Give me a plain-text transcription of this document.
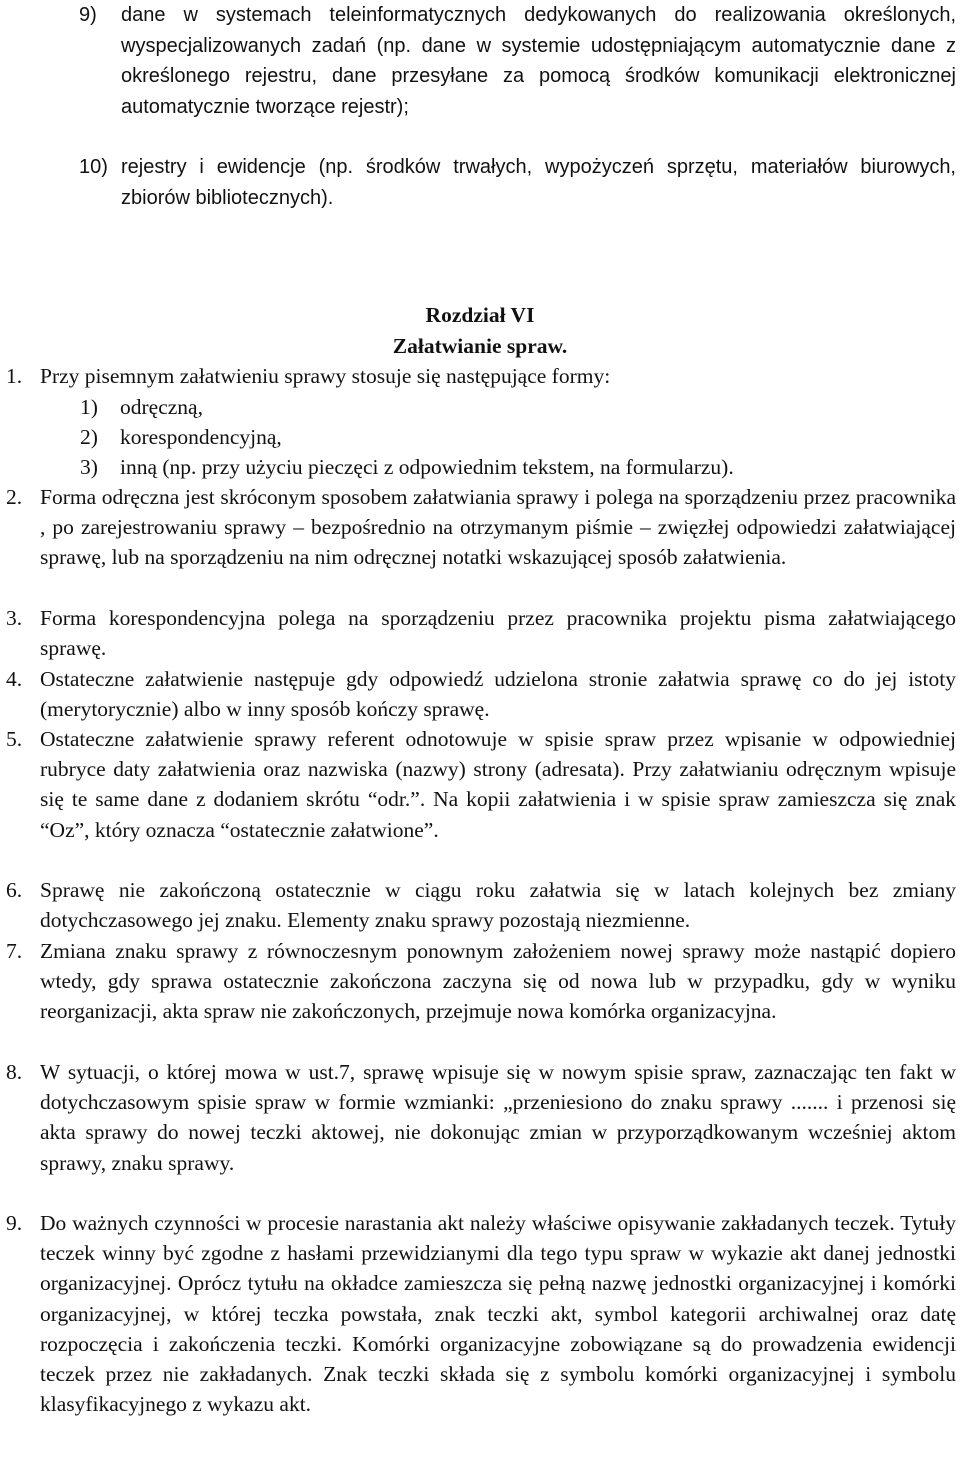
9) dane w systemach teleinformatycznych dedykowanych do realizowania określonych, wyspecjalizowanych zadań (np. dane w systemie udostępniającym automatycznie dane z określonego rejestru, dane przesyłane za pomocą środków komunikacji elektronicznej automatycznie tworzące rejestr);

10) rejestry i ewidencje (np. środków trwałych, wypożyczeń sprzętu, materiałów biurowych, zbiorów bibliotecznych).

Rozdział VI

Załatwianie spraw.

1. Przy pisemnym załatwieniu sprawy stosuje się następujące formy:

1) odręczną,

2) korespondencyjną,

3) inną (np. przy użyciu pieczęci z odpowiednim tekstem, na formularzu).

2. Forma odręczna jest skróconym sposobem załatwiania sprawy i polega na sporządzeniu przez pracownika , po zarejestrowaniu sprawy – bezpośrednio na otrzymanym piśmie – zwięzłej odpowiedzi załatwiającej sprawę, lub na sporządzeniu na nim odręcznej notatki wskazującej sposób załatwienia.

3. Forma korespondencyjna polega na sporządzeniu przez pracownika projektu pisma załatwiającego sprawę.

4. Ostateczne załatwienie następuje gdy odpowiedź udzielona stronie załatwia sprawę co do jej istoty (merytorycznie) albo w inny sposób kończy sprawę.

5. Ostateczne załatwienie sprawy referent odnotowuje w spisie spraw przez wpisanie w odpowiedniej rubryce daty załatwienia oraz nazwiska (nazwy) strony (adresata). Przy załatwianiu odręcznym wpisuje się te same dane z dodaniem skrótu “odr.”. Na kopii załatwienia i w spisie spraw zamieszcza się znak “Oz”, który oznacza “ostatecznie załatwione”.

6. Sprawę nie zakończoną ostatecznie w ciągu roku załatwia się w latach kolejnych bez zmiany dotychczasowego jej znaku. Elementy znaku sprawy pozostają niezmienne.

7. Zmiana znaku sprawy z równoczesnym ponownym założeniem nowej sprawy może nastąpić dopiero wtedy, gdy sprawa ostatecznie zakończona zaczyna się od nowa lub w przypadku, gdy w wyniku reorganizacji, akta spraw nie zakończonych, przejmuje nowa komórka organizacyjna.

8. W sytuacji, o której mowa w ust.7, sprawę wpisuje się w nowym spisie spraw, zaznaczając ten fakt w dotychczasowym spisie spraw w formie wzmianki: „przeniesiono do znaku sprawy ....... i przenosi się akta sprawy do nowej teczki aktowej, nie dokonując zmian w przyporządkowanym wcześniej aktom sprawy, znaku sprawy.

9. Do ważnych czynności w procesie narastania akt należy właściwe opisywanie zakładanych teczek. Tytuły teczek winny być zgodne z hasłami przewidzianymi dla tego typu spraw w wykazie akt danej jednostki organizacyjnej. Oprócz tytułu na okładce zamieszcza się pełną nazwę jednostki organizacyjnej i komórki organizacyjnej, w której teczka powstała, znak teczki akt, symbol kategorii archiwalnej oraz datę rozpoczęcia i zakończenia teczki. Komórki organizacyjne zobowiązane są do prowadzenia ewidencji teczek przez nie zakładanych. Znak teczki składa się z symbolu komórki organizacyjnej i symbolu klasyfikacyjnego z wykazu akt.
